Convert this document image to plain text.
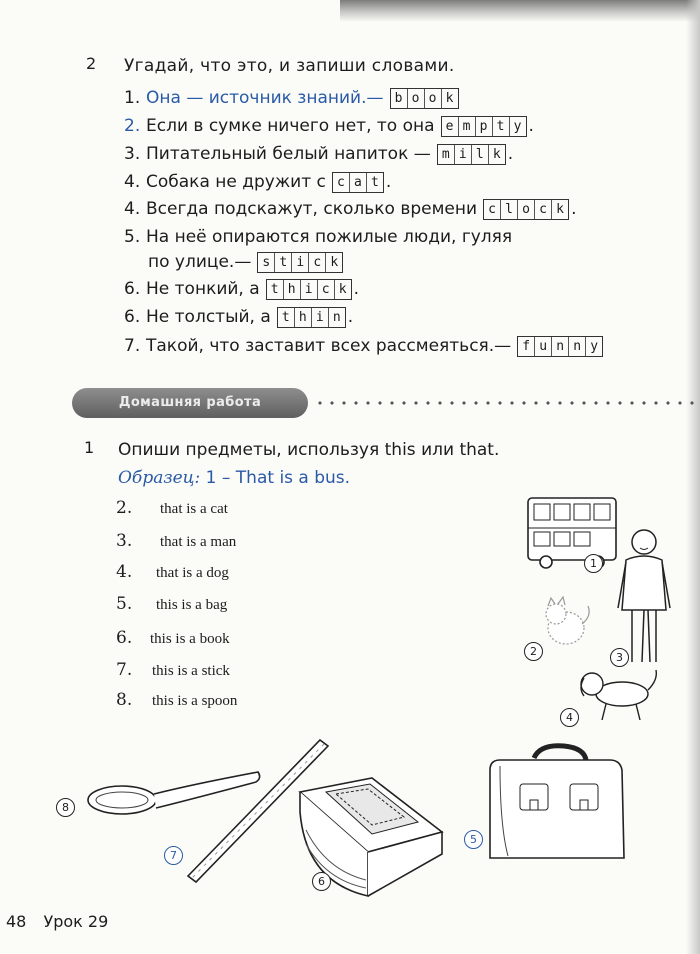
2 Угадай, что это, и запиши словами.
1. Она — источник знаний.— b o o k
2. Если в сумке ничего нет, то она e m p t y .
3. Питательный белый напиток — m i l k .
4. Собака не дружит с c a t .
4. Всегда подскажут, сколько времени c l o c k .
5. На неё опираются пожилые люди, гуляя
по улице.— s t i c k
6. Не тонкий, а t h i c k .
6. Не толстый, а t h i n .
7. Такой, что заставит всех рассмеяться.— f u n n y
Домашняя работа
1 Опиши предметы, используя this или that.
Образец: 1 – That is a bus.
2.	that is a cat
3.	that is a man
4.	that is a dog
5.	this is a bag
6.	this is a book
7.	this is a stick
8.	this is a spoon
1
2	3
4
5
6
7
8
48 Урок 29
